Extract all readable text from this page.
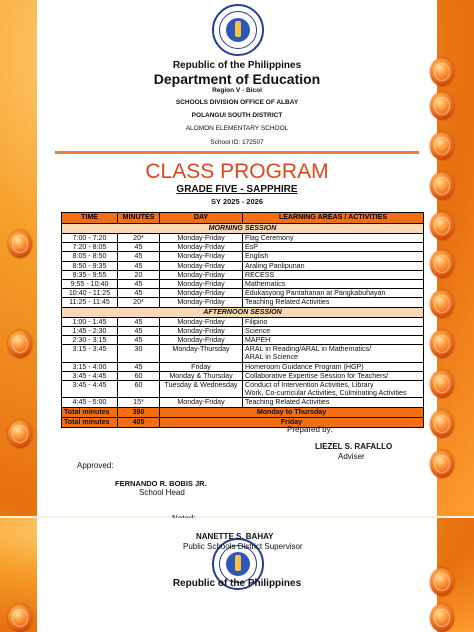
Republic of the Philippines
Department of Education
Region V - Bicol
SCHOOLS DIVISION OFFICE OF ALBAY
POLANGUI SOUTH DISTRICT
ALOMON ELEMENTARY SCHOOL
School ID: 172507
CLASS PROGRAM
GRADE FIVE - SAPPHIRE
SY 2025 - 2026
TIME	MINUTES	DAY	LEARNING AREAS / ACTIVITIES
MORNING SESSION			
7:00 - 7:20	20*	Monday-Friday	Flag Ceremony
7:20 - 8:05	45	Monday-Friday	EsP
8:05 - 8:50	45	Monday-Friday	English
8:50 - 9:35	45	Monday-Friday	Araling Panlipunan
9:35 - 9:55	20	Monday-Friday	RECESS
9:55 - 10:40	45	Monday-Friday	Mathematics
10:40 - 11:25	45	Monday-Friday	Edukasyong Pantahanan at Pangkabuhayan
11:25 - 11:45	20*	Monday-Friday	Teaching Related Activities
AFTERNOON SESSION			
1:00 - 1:45	45	Monday-Friday	Filipino
1:45 - 2:30	45	Monday-Friday	Science
2:30 - 3:15	45	Monday-Friday	MAPEH
3:15 - 3:45	30	Monday-Thursday	ARAL in Reading/ARAL in Mathematics/
ARAL in Science
3:15 - 4:00	45	Friday	Homeroom Guidance Program (HGP)
3:45 - 4:45	60	Monday & Thursday	Collaborative Expertise Session for Teachers/
3:45 - 4:45	60	Tuesday & Wednesday	Conduct of Intervention Activities, Library
Work, Co-curricular Activities, Culminating Activities
4:45 - 5:00	15*	Monday-Friday	Teaching Related Activities
Total minutes	390	Monday to Thursday	
Total minutes	405	Friday	
Prepared by:
LIEZEL S. RAFALLO
Adviser
Approved:
FERNANDO R. BOBIS JR.
School Head
NANETTE S. BAHAY
Public Schools District Supervisor
Republic of the Philippines
